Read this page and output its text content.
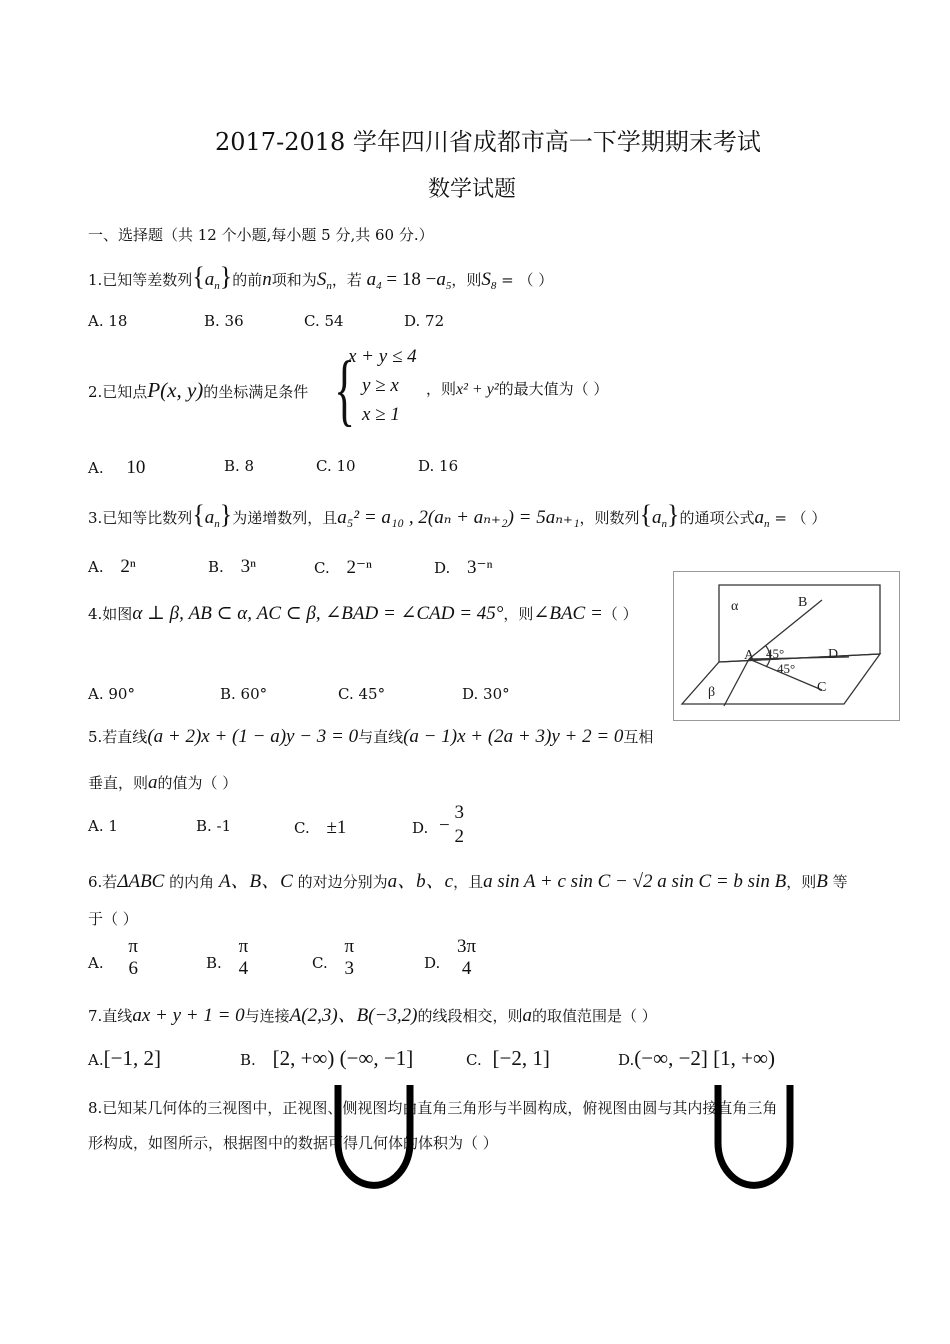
2017-2018 学年四川省成都市高一下学期期末考试
数学试题
一、选择题（共 12 个小题,每小题 5 分,共 60 分.）
1.已知等差数列$\{a_n\}$的前n项和为$S_n$，若 $a_4 = 18 -a_5$，则$S_8$ = （ ）
A. 18	B. 36	C. 54	D. 72
2.已知点P(x, y)的坐标满足条件 {
x + y ≤ 4
y ≥ x
x ≥ 1
，则x² + y²的最大值为（ ）
A. 10	B. 8	C. 10	D. 16
3.已知等比数列$\{a_n\}$为递增数列，且a₅² = a₁₀ , 2(aₙ + aₙ₊₂) = 5aₙ₊₁，则数列$\{a_n\}$的通项公式$a_n$ = （ ）
A. 2ⁿ	B. 3ⁿ	C. 2⁻ⁿ	D. 3⁻ⁿ
4.如图α ⊥ β, AB ⊂ α, AC ⊂ β, ∠BAD = ∠CAD = 45°，则∠BAC =（ ）
A. 90°	B. 60°	C. 45°	D. 30°
α	B
A 45°	D
45°
C
β
5.若直线(a + 2)x + (1 − a)y − 3 = 0与直线(a − 1)x + (2a + 3)y + 2 = 0互相
垂直，则a的值为（ ）
A. 1	B. -1	C. ±1	D. −
3
2
6.若ΔABC 的内角 A、B、C 的对边分别为a、b、c，且a sin A + c sin C − √2 a sin C = b sin B，则B 等
于（ ）
A.
π
6	B.
π
4	C.
π
3	D.
3π
4
7.直线ax + y + 1 = 0与连接A(2,3)、B(−3,2)的线段相交，则a的取值范围是（ ）
A.[−1, 2]	B. [2, +∞) (−∞, −1]	C. [−2, 1]	D.(−∞, −2] [1, +∞)
8.已知某几何体的三视图中，正视图、侧视图均由直角三角形与半圆构成，俯视图由圆与其内接直角三角
形构成，如图所示，根据图中的数据可得几何体的体积为（ ）
